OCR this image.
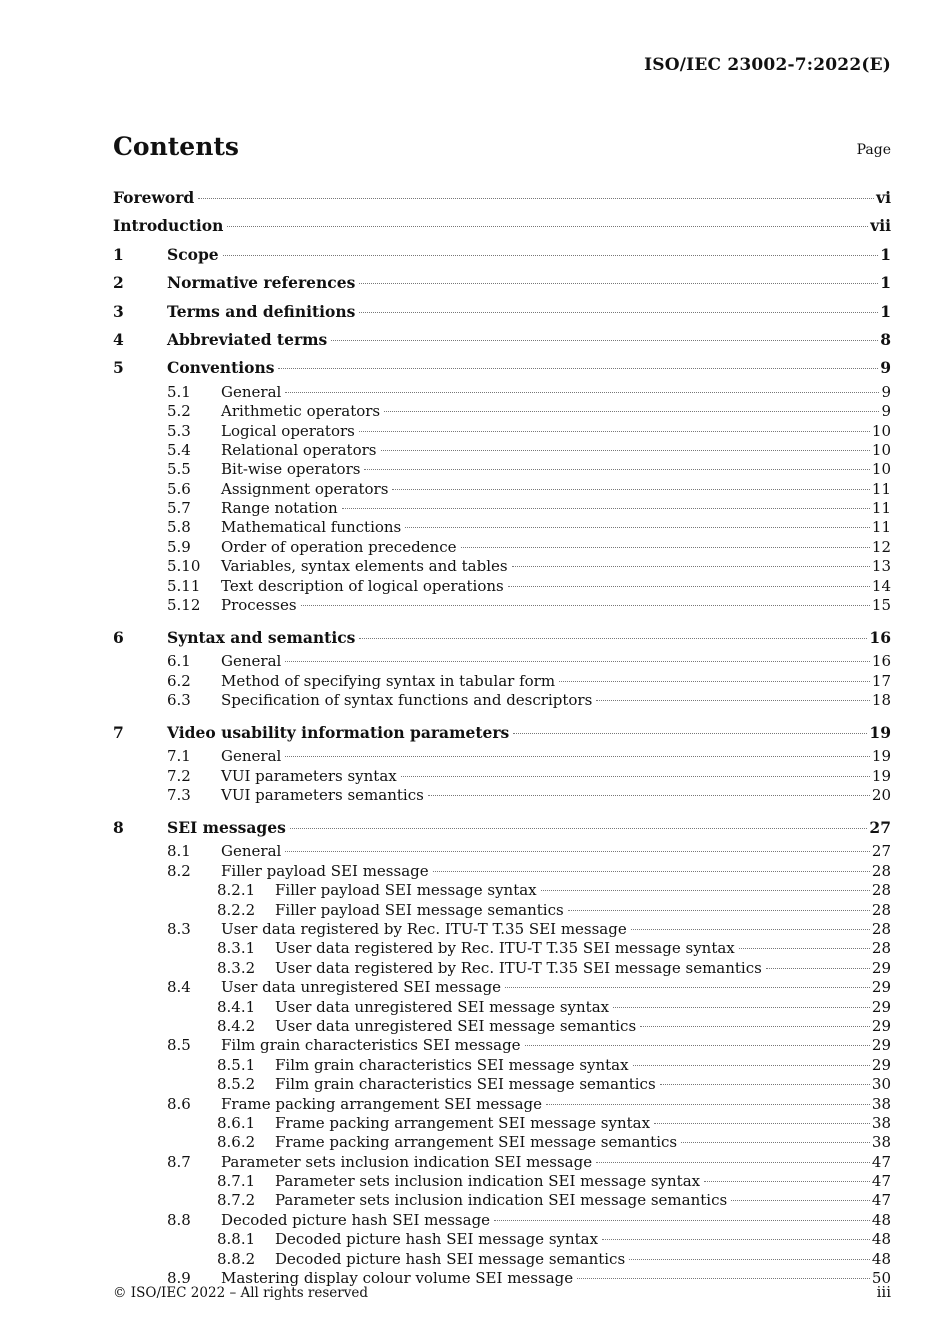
ISO/IEC 23002-7:2022(E)
Contents	Page
Foreword	vi
Introduction	vii
1	Scope	1
2	Normative references	1
3	Terms and definitions	1
4	Abbreviated terms	8
5	Conventions	9
5.1 General	9
5.2 Arithmetic operators	9
5.3 Logical operators	10
5.4 Relational operators	10
5.5 Bit-wise operators	10
5.6 Assignment operators	11
5.7 Range notation	11
5.8 Mathematical functions	11
5.9 Order of operation precedence	12
5.10 Variables, syntax elements and tables	13
5.11 Text description of logical operations	14
5.12 Processes	15
6	Syntax and semantics	16
6.1 General	16
6.2 Method of specifying syntax in tabular form	17
6.3 Specification of syntax functions and descriptors	18
7	Video usability information parameters	19
7.1 General	19
7.2 VUI parameters syntax	19
7.3 VUI parameters semantics	20
8	SEI messages	27
8.1 General	27
8.2 Filler payload SEI message	28
8.2.1 Filler payload SEI message syntax	28
8.2.2 Filler payload SEI message semantics	28
8.3 User data registered by Rec. ITU-T T.35 SEI message	28
8.3.1 User data registered by Rec. ITU-T T.35 SEI message syntax	28
8.3.2 User data registered by Rec. ITU-T T.35 SEI message semantics	29
8.4 User data unregistered SEI message	29
8.4.1 User data unregistered SEI message syntax	29
8.4.2 User data unregistered SEI message semantics	29
8.5 Film grain characteristics SEI message	29
8.5.1 Film grain characteristics SEI message syntax	29
8.5.2 Film grain characteristics SEI message semantics	30
8.6 Frame packing arrangement SEI message	38
8.6.1 Frame packing arrangement SEI message syntax	38
8.6.2 Frame packing arrangement SEI message semantics	38
8.7 Parameter sets inclusion indication SEI message	47
8.7.1 Parameter sets inclusion indication SEI message syntax	47
8.7.2 Parameter sets inclusion indication SEI message semantics	47
8.8 Decoded picture hash SEI message	48
8.8.1 Decoded picture hash SEI message syntax	48
8.8.2 Decoded picture hash SEI message semantics	48
8.9 Mastering display colour volume SEI message	50
© ISO/IEC 2022 – All rights reserved	iii
